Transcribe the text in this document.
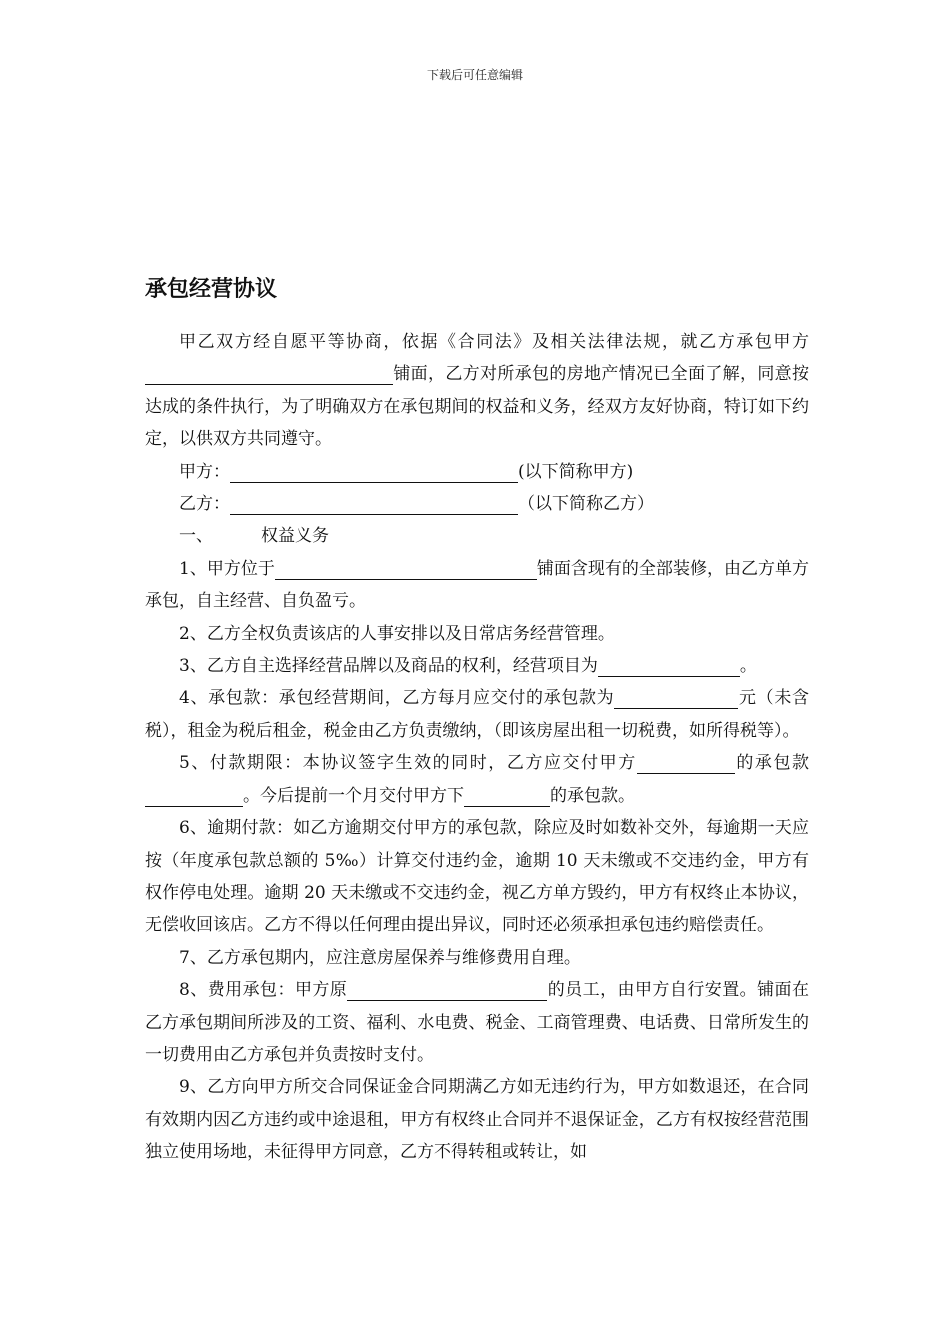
下载后可任意编辑
承包经营协议

甲乙双方经自愿平等协商，依据《合同法》及相关法律法规，就乙方承包甲方铺面，乙方对所承包的房地产情况已全面了解，同意按达成的条件执行，为了明确双方在承包期间的权益和义务，经双方友好协商，特订如下约定，以供双方共同遵守。

甲方：	(以下简称甲方)

乙方：	（以下简称乙方）

一、	权益义务

1、甲方位于	铺面含现有的全部装修，由乙方单方承包，自主经营、自负盈亏。

2、乙方全权负责该店的人事安排以及日常店务经营管理。

3、乙方自主选择经营品牌以及商品的权利，经营项目为	。

4、承包款：承包经营期间，乙方每月应交付的承包款为	元（未含税），租金为税后租金，税金由乙方负责缴纳，（即该房屋出租一切税费，如所得税等）。

5、付款期限：本协议签字生效的同时，乙方应交付甲方	的承包款。今后提前一个月交付甲方下	的承包款。

6、逾期付款：如乙方逾期交付甲方的承包款，除应及时如数补交外，每逾期一天应按（年度承包款总额的 5‰）计算交付违约金，逾期 10 天未缴或不交违约金，甲方有权作停电处理。逾期 20 天未缴或不交违约金，视乙方单方毁约，甲方有权终止本协议，无偿收回该店。乙方不得以任何理由提出异议，同时还必须承担承包违约赔偿责任。

7、乙方承包期内，应注意房屋保养与维修费用自理。

8、费用承包：甲方原	的员工，由甲方自行安置。铺面在乙方承包期间所涉及的工资、福利、水电费、税金、工商管理费、电话费、日常所发生的一切费用由乙方承包并负责按时支付。

9、乙方向甲方所交合同保证金合同期满乙方如无违约行为，甲方如数退还，在合同有效期内因乙方违约或中途退租，甲方有权终止合同并不退保证金，乙方有权按经营范围独立使用场地，未征得甲方同意，乙方不得转租或转让，如
